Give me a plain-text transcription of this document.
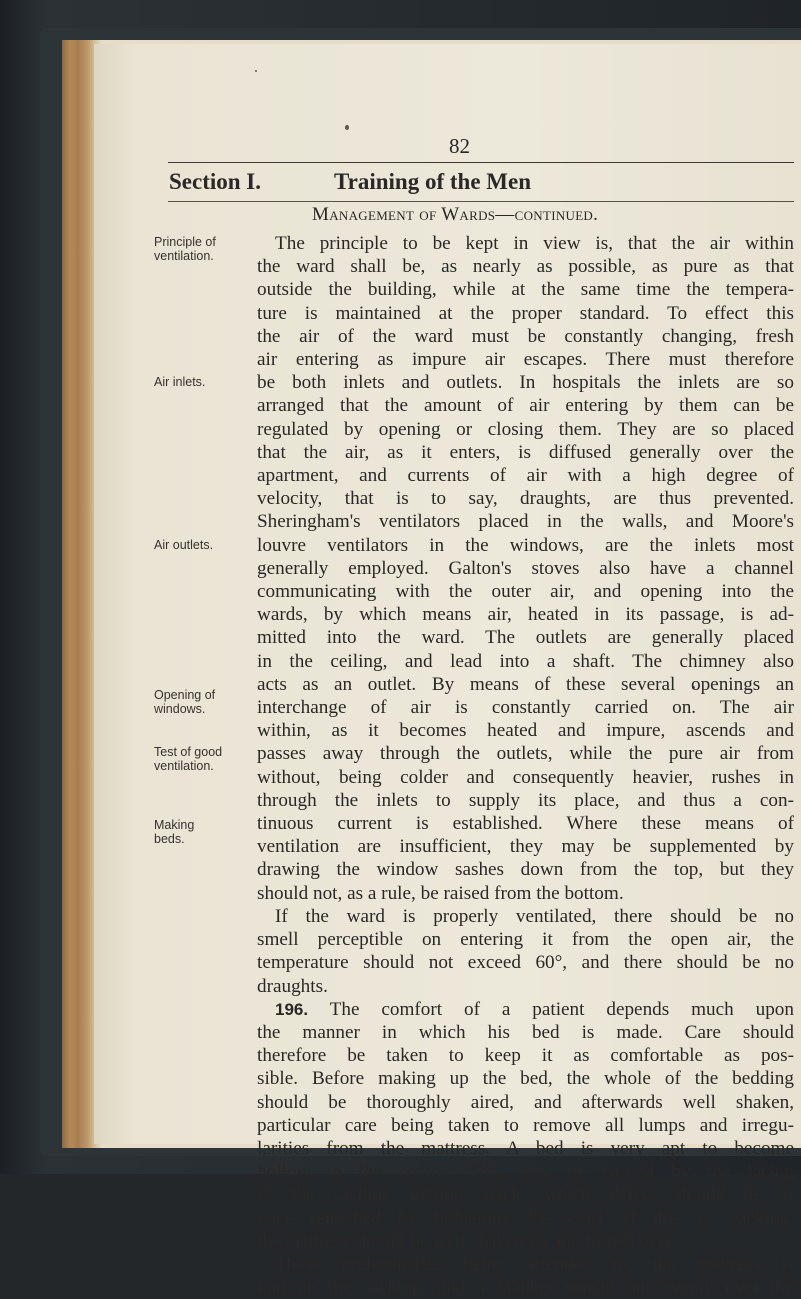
82
Section I.	Training of the Men
Management of Wards—continued.
Principle of ventilation.
Air inlets.
Air outlets.
Opening of windows.
Test of good ventilation.
Making beds.
The principle to be kept in view is, that the air within
the ward shall be, as nearly as possible, as pure as that
outside the building, while at the same time the tempera-
ture is maintained at the proper standard. To effect this
the air of the ward must be constantly changing, fresh
air entering as impure air escapes. There must therefore
be both inlets and outlets. In hospitals the inlets are so
arranged that the amount of air entering by them can be
regulated by opening or closing them. They are so placed
that the air, as it enters, is diffused generally over the
apartment, and currents of air with a high degree of
velocity, that is to say, draughts, are thus prevented.
Sheringham's ventilators placed in the walls, and Moore's
louvre ventilators in the windows, are the inlets most
generally employed. Galton's stoves also have a channel
communicating with the outer air, and opening into the
wards, by which means air, heated in its passage, is ad-
mitted into the ward. The outlets are generally placed
in the ceiling, and lead into a shaft. The chimney also
acts as an outlet. By means of these several openings an
interchange of air is constantly carried on. The air
within, as it becomes heated and impure, ascends and
passes away through the outlets, while the pure air from
without, being colder and consequently heavier, rushes in
through the inlets to supply its place, and thus a con-
tinuous current is established. Where these means of
ventilation are insufficient, they may be supplemented by
drawing the window sashes down from the top, but they
should not, as a rule, be raised from the bottom.
If the ward is properly ventilated, there should be no
smell perceptible on entering it from the open air, the
temperature should not exceed 60°, and there should be no
draughts.
196. The comfort of a patient depends much upon
the manner in which his bed is made. Care should
therefore be taken to keep it as comfortable as pos-
sible. Before making up the bed, the whole of the bedding
should be thoroughly aired, and afterwards well shaken,
particular care being taken to remove all lumps and irregu-
larities from the mattress. A bed is very apt to become
hollow in the centre. This may be caused by the lacing
of the sacking getting slack, which defect should be at
once remedied by tightening the cord. If due to packing,
the mattress should be well shaken up and turned over.
These preliminaries being attended to, the mattress is
laid on the sacking, and a blanket spread out evenly over the
